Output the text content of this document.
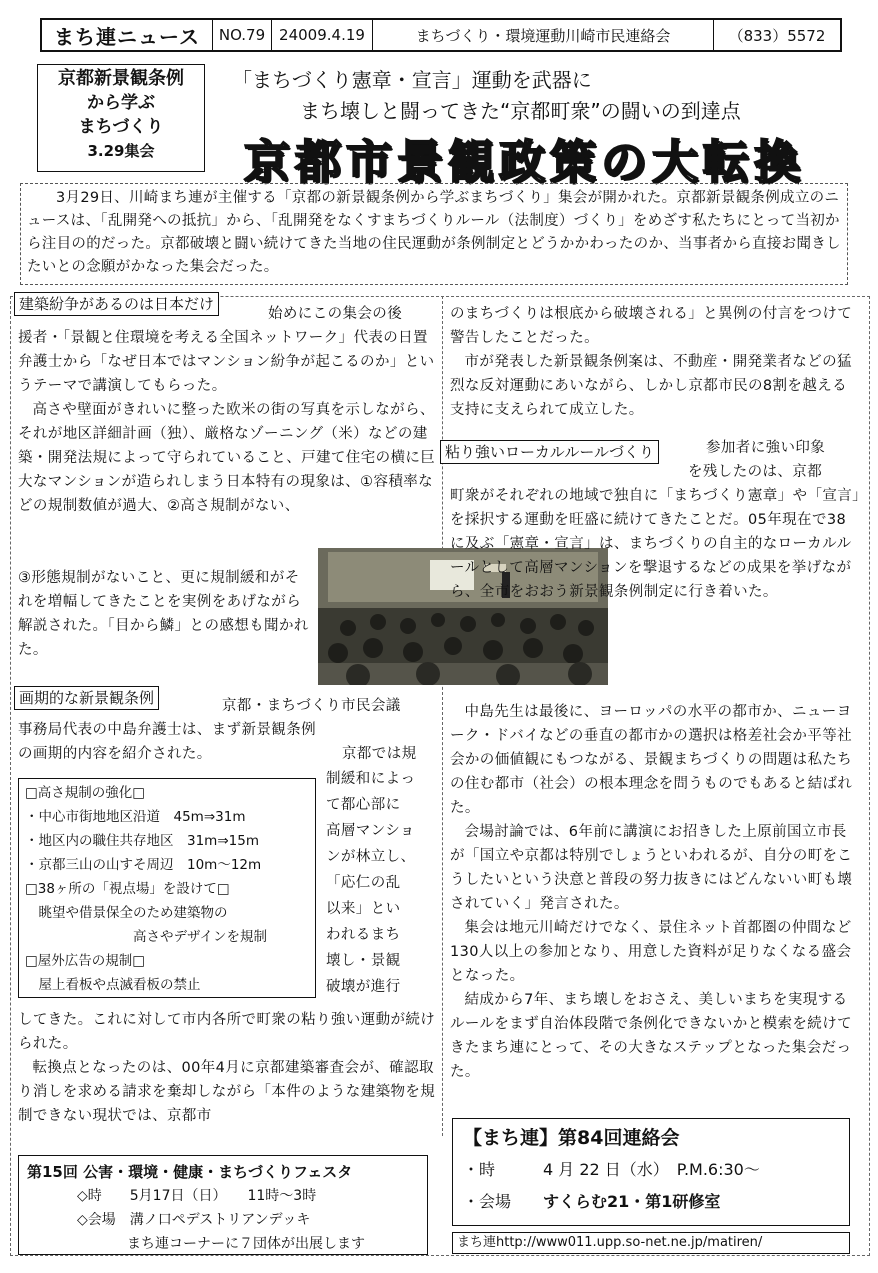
まち連ニュース	NO.79 24009.4.19	まちづくり・環境運動川崎市民連絡会	（833）5572
京都新景観条例
から学ぶ
まちづくり
3.29集会
「まちづくり憲章・宣言」運動を武器に
まち壊しと闘ってきた“京都町衆”の闘いの到達点
京都市景観政策の大転換

3月29日、川崎まち連が主催する「京都の新景観条例から学ぶまちづくり」集会が開かれた。京都新景観条例成立のニュースは、「乱開発への抵抗」から、「乱開発をなくすまちづくりルール（法制度）づくり」をめざす私たちにとって当初から注目の的だった。京都破壊と闘い続けてきた当地の住民運動が条例制定とどうかかわったのか、当事者から直接お聞きしたいとの念願がかなった集会だった。

建築紛争があるのは日本だけ
始めにこの集会の後

援者・「景観と住環境を考える全国ネットワーク」代表の日置弁護士から「なぜ日本ではマンション紛争が起こるのか」というテーマで講演してもらった。

高さや壁面がきれいに整った欧米の街の写真を示しながら、それが地区詳細計画（独）、厳格なゾーニング（米）などの建築・開発法規によって守られていること、戸建て住宅の横に巨大なマンションが造られしまう日本特有の現象は、①容積率などの規制数値が過大、②高さ規制がない、

③形態規制がないこと、更に規制緩和がそれを増幅してきたことを実例をあげながら解説された。「目から鱗」との感想も聞かれた。

画期的な新景観条例	京都・まちづくり市民会議

事務局代表の中島弁護士は、まず新景観条例の画期的内容を紹介された。	京都では規
□高さ規制の強化□
・中心市街地地区沿道　45m⇒31m
・地区内の職住共存地区　31m⇒15m
・京都三山の山すそ周辺　10m～12m
□38ヶ所の「視点場」を設けて□
　眺望や借景保全のため建築物の
　　　　　　　　高さやデザインを規制
□屋外広告の規制□
　屋上看板や点滅看板の禁止
制緩和によっ
て都心部に
高層マンショ
ンが林立し、
「応仁の乱
以来」とい
われるまち
壊し・景観
破壊が進行

してきた。これに対して市内各所で町衆の粘り強い運動が続けられた。

転換点となったのは、00年4月に京都建築審査会が、確認取り消しを求める請求を棄却しながら「本件のような建築物を規制できない現状では、京都市

のまちづくりは根底から破壊される」と異例の付言をつけて警告したことだった。

市が発表した新景観条例案は、不動産・開発業者などの猛烈な反対運動にあいながら、しかし京都市民の8割を越える支持に支えられて成立した。

粘り強いローカルルールづくり	参加者に強い印象
を残したのは、京都

町衆がそれぞれの地域で独自に「まちづくり憲章」や「宣言」を採択する運動を旺盛に続けてきたことだ。05年現在で38に及ぶ「憲章・宣言」は、まちづくりの自主的なローカルルールとして高層マンションを撃退するなどの成果を挙げながら、全市をおおう新景観条例制定に行き着いた。

中島先生は最後に、ヨーロッパの水平の都市か、ニューヨーク・ドバイなどの垂直の都市かの選択は格差社会か平等社会かの価値観にもつながる、景観まちづくりの問題は私たちの住む都市（社会）の根本理念を問うものでもあると結ばれた。

会場討論では、6年前に講演にお招きした上原前国立市長が「国立や京都は特別でしょうといわれるが、自分の町をこうしたいという決意と普段の努力抜きにはどんないい町も壊されていく」発言された。

集会は地元川崎だけでなく、景住ネット首都圏の仲間など130人以上の参加となり、用意した資料が足りなくなる盛会となった。

結成から7年、まち壊しをおさえ、美しいまちを実現するルールをまず自治体段階で条例化できないかと模索を続けてきたまち連にとって、その大きなステップとなった集会だった。

第15回 公害・環境・健康・まちづくりフェスタ
◇時　　5月17日（日）　　11時～3時
◇会場　溝ノ口ペデストリアンデッキ
まち連コーナーに７団体が出展します
【まち連】第84回連絡会
・時	4 月 22 日（水）　P.M.6:30～
・会場	すくらむ21・第1研修室
まち連http://www011.upp.so-net.ne.jp/matiren/
